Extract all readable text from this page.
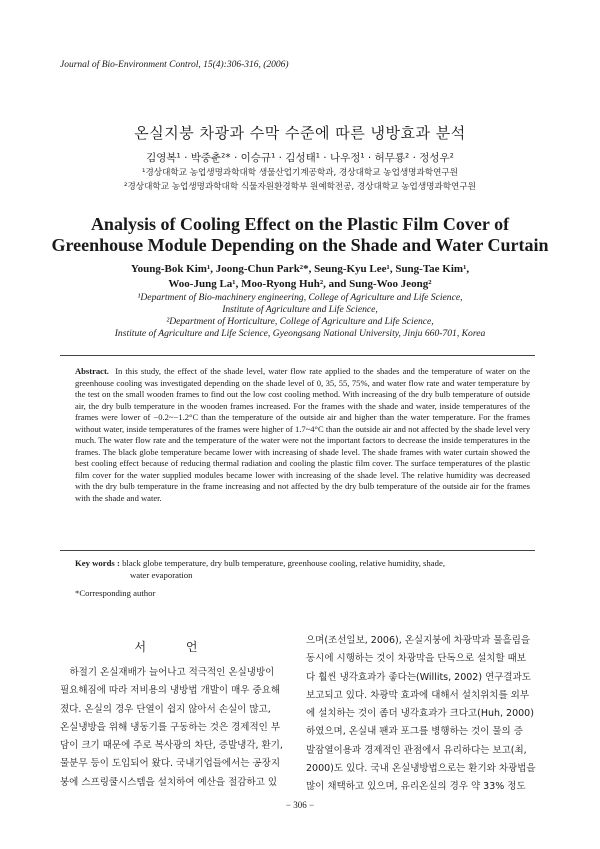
Journal of Bio-Environment Control, 15(4):306-316, (2006)
온실지붕 차광과 수막 수준에 따른 냉방효과 분석
김영복¹ · 박중춘²* · 이승규¹ · 김성태¹ · 나우정¹ · 허무룡² · 정성우²
¹경상대학교 농업생명과학대학 생물산업기계공학과, 경상대학교 농업생명과학연구원
²경상대학교 농업생명과학대학 식물자원환경학부 원예학전공, 경상대학교 농업생명과학연구원
Analysis of Cooling Effect on the Plastic Film Cover of
Greenhouse Module Depending on the Shade and Water Curtain
Young-Bok Kim¹, Joong-Chun Park²*, Seung-Kyu Lee¹, Sung-Tae Kim¹,
Woo-Jung La¹, Moo-Ryong Huh², and Sung-Woo Jeong²
¹Department of Bio-machinery engineering, College of Agriculture and Life Science,
Institute of Agriculture and Life Science,
²Department of Horticulture, College of Agriculture and Life Science,
Institute of Agriculture and Life Science, Gyeongsang National University, Jinju 660-701, Korea
Abstract. In this study, the effect of the shade level, water flow rate applied to the shades and the temperature of water on the greenhouse cooling was investigated depending on the shade level of 0, 35, 55, 75%, and water flow rate and water temperature by the test on the small wooden frames to find out the low cost cooling method. With increasing of the dry bulb temperature of outside air, the dry bulb temperature in the wooden frames increased. For the frames with the shade and water, inside temperatures of the frames were lower of −0.2~−1.2°C than the temperature of the outside air and higher than the water temperature. For the frames without water, inside temperatures of the frames were higher of 1.7~4°C than the outside air and not affected by the shade level very much. The water flow rate and the temperature of the water were not the important factors to decrease the inside temperatures in the frames. The black globe temperature became lower with increasing of shade level. The shade frames with water curtain showed the best cooling effect because of reducing thermal radiation and cooling the plastic film cover. The surface temperatures of the plastic film cover for the water supplied modules became lower with increasing of the shade level. The relative humidity was decreased with the dry bulb temperature in the frame increasing and not affected by the dry bulb temperature of the outside air for the frames with the shade and water.
Key words : black globe temperature, dry bulb temperature, greenhouse cooling, relative humidity, shade,
water evaporation
*Corresponding author
서 언

　하절기 온실재배가 늘어나고 적극적인 온실냉방이

필요해짐에 따라 저비용의 냉방법 개발이 매우 중요해

졌다. 온실의 경우 단열이 쉽지 않아서 손실이 많고,

온실냉방을 위해 냉동기를 구동하는 것은 경제적인 부

담이 크기 때문에 주로 복사광의 차단, 증발냉각, 환기,

물분무 등이 도입되어 왔다. 국내기업들에서는 공장지

붕에 스프링쿨시스템을 설치하여 예산을 절감하고 있

으며(조선일보, 2006), 온실지붕에 차광막과 물흘림을

동시에 시행하는 것이 차광막을 단독으로 설치할 때보

다 훨씬 냉각효과가 좋다는(Willits, 2002) 연구결과도

보고되고 있다. 차광막 효과에 대해서 설치위치를 외부

에 설치하는 것이 좀더 냉각효과가 크다고(Huh, 2000)

하였으며, 온실내 팬과 포그를 병행하는 것이 물의 증

발잠열이용과 경제적인 관점에서 유리하다는 보고(최,

2000)도 있다. 국내 온실냉방법으로는 환기와 차광법을

많이 채택하고 있으며, 유리온실의 경우 약 33% 정도

− 306 −
